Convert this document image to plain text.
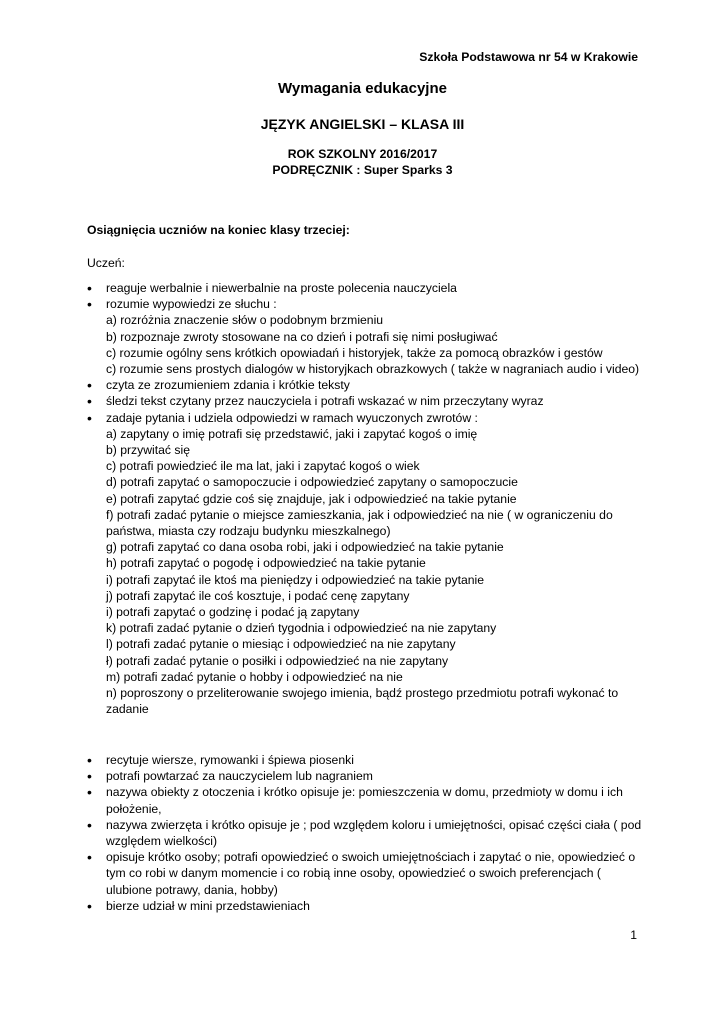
Szkoła Podstawowa nr 54 w Krakowie
Wymagania edukacyjne
JĘZYK ANGIELSKI – KLASA III
ROK SZKOLNY 2016/2017
PODRĘCZNIK : Super Sparks 3
Osiągnięcia uczniów na koniec klasy trzeciej:
Uczeń:
•
reaguje werbalnie i niewerbalnie na proste polecenia nauczyciela
•
rozumie wypowiedzi ze słuchu :
a) rozróżnia znaczenie słów o podobnym brzmieniu
b) rozpoznaje zwroty stosowane na co dzień i potrafi się nimi posługiwać
c) rozumie ogólny sens krótkich opowiadań i historyjek, także za pomocą obrazków i gestów
c) rozumie sens prostych dialogów w historyjkach obrazkowych ( także w nagraniach audio i video)
•
czyta ze zrozumieniem zdania i krótkie teksty
•
śledzi tekst czytany przez nauczyciela i potrafi wskazać w nim przeczytany wyraz
•
zadaje pytania i udziela odpowiedzi w ramach wyuczonych zwrotów :
a) zapytany o imię potrafi się przedstawić, jaki i zapytać kogoś o imię
b) przywitać się
c) potrafi powiedzieć ile ma lat, jaki i zapytać kogoś o wiek
d) potrafi zapytać o samopoczucie i odpowiedzieć zapytany o samopoczucie
e) potrafi zapytać gdzie coś się znajduje, jak i odpowiedzieć na takie pytanie
f) potrafi zadać pytanie o miejsce zamieszkania, jak i odpowiedzieć na nie ( w ograniczeniu do państwa, miasta czy rodzaju budynku mieszkalnego)
g) potrafi zapytać co dana osoba robi, jaki i odpowiedzieć na takie pytanie
h) potrafi zapytać o pogodę i odpowiedzieć na takie pytanie
i) potrafi zapytać ile ktoś ma pieniędzy i odpowiedzieć na takie pytanie
j) potrafi zapytać ile coś kosztuje, i podać cenę zapytany
i) potrafi zapytać o godzinę i podać ją zapytany
k) potrafi zadać pytanie o dzień tygodnia i odpowiedzieć na nie zapytany
l) potrafi zadać pytanie o miesiąc i odpowiedzieć na nie zapytany
ł) potrafi zadać pytanie o posiłki i odpowiedzieć na nie zapytany
m) potrafi zadać pytanie o hobby i odpowiedzieć na nie
n) poproszony o przeliterowanie swojego imienia, bądź prostego przedmiotu potrafi wykonać to zadanie
•
recytuje wiersze, rymowanki i śpiewa piosenki
•
potrafi powtarzać za nauczycielem lub nagraniem
•
nazywa obiekty z otoczenia i krótko opisuje je: pomieszczenia w domu, przedmioty w domu i ich położenie,
•
nazywa zwierzęta i krótko opisuje je ; pod względem koloru i umiejętności, opisać części ciała ( pod względem wielkości)
•
opisuje krótko osoby; potrafi opowiedzieć o swoich umiejętnościach i zapytać o nie, opowiedzieć o tym co robi w danym momencie i co robią inne osoby, opowiedzieć o swoich preferencjach ( ulubione potrawy, dania, hobby)
•
bierze udział w mini przedstawieniach
1
